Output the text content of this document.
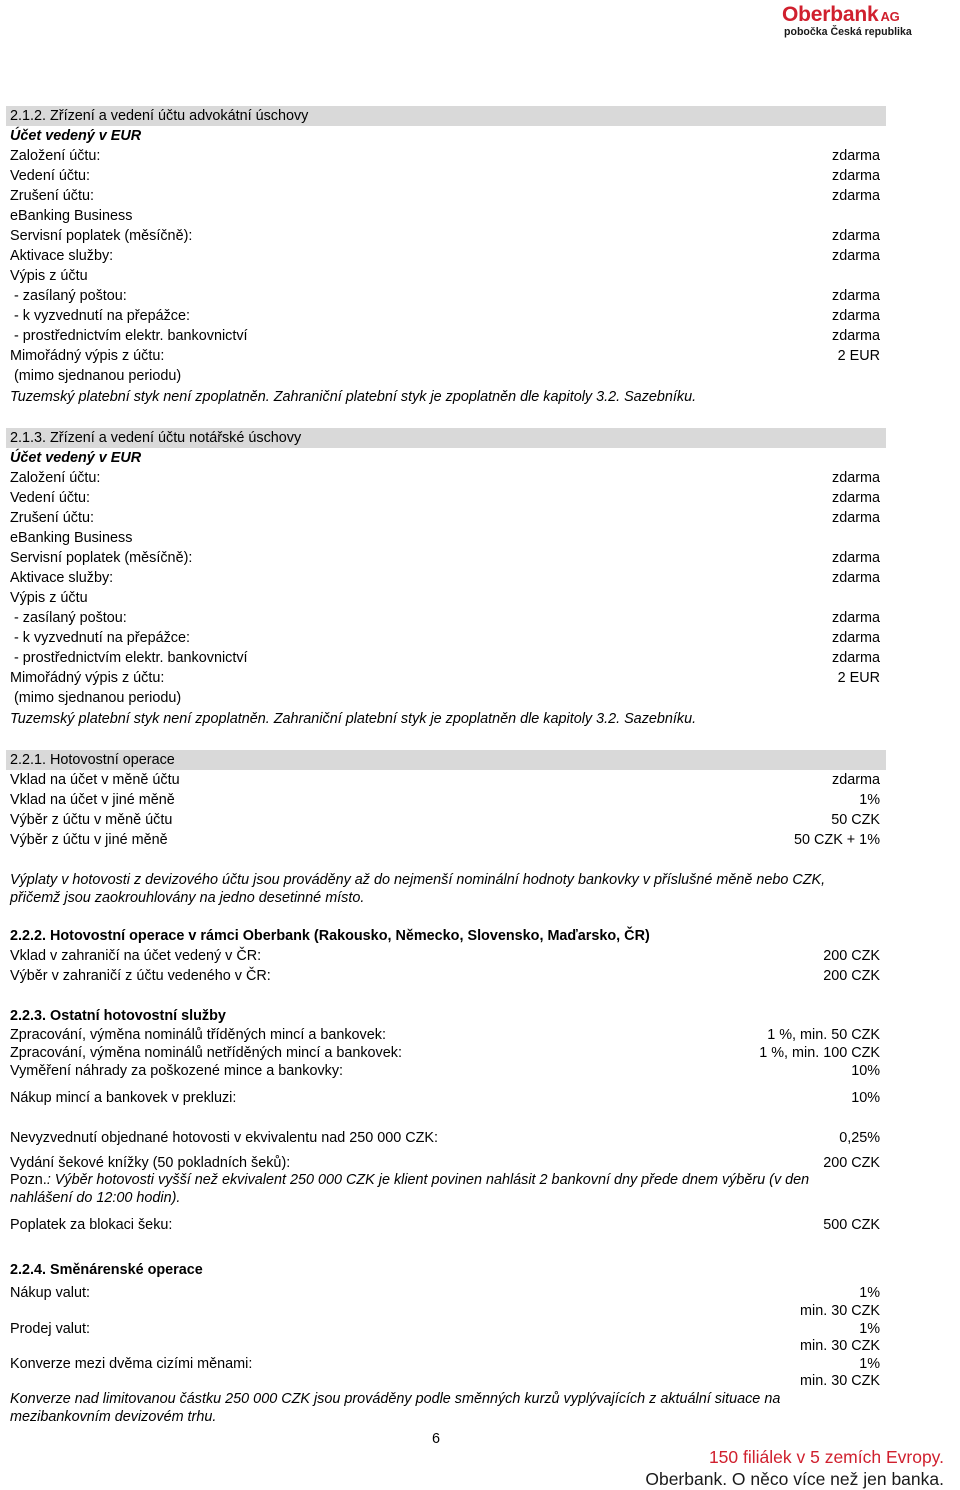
Oberbank AG
pobočka Česká republika
2.1.2. Zřízení a vedení účtu advokátní úschovy
Účet vedený v EUR
Založení účtu:	zdarma
Vedení účtu:	zdarma
Zrušení účtu:	zdarma
eBanking Business
Servisní poplatek (měsíčně):	zdarma
Aktivace služby:	zdarma
Výpis z účtu
- zasílaný poštou:	zdarma
- k vyzvednutí na přepážce:	zdarma
- prostřednictvím elektr. bankovnictví	zdarma
Mimořádný výpis z účtu:	2 EUR
(mimo sjednanou periodu)
Tuzemský platební styk není zpoplatněn. Zahraniční platební styk je zpoplatněn dle kapitoly 3.2. Sazebníku.
2.1.3. Zřízení a vedení účtu notářské úschovy
Účet vedený v EUR
Založení účtu:	zdarma
Vedení účtu:	zdarma
Zrušení účtu:	zdarma
eBanking Business
Servisní poplatek (měsíčně):	zdarma
Aktivace služby:	zdarma
Výpis z účtu
- zasílaný poštou:	zdarma
- k vyzvednutí na přepážce:	zdarma
- prostřednictvím elektr. bankovnictví	zdarma
Mimořádný výpis z účtu:	2 EUR
(mimo sjednanou periodu)
Tuzemský platební styk není zpoplatněn. Zahraniční platební styk je zpoplatněn dle kapitoly 3.2. Sazebníku.
2.2.1. Hotovostní operace
Vklad na účet v měně účtu	zdarma
Vklad na účet v jiné měně	1%
Výběr z účtu v měně účtu	50 CZK
Výběr z účtu v jiné měně	50 CZK + 1%
Výplaty v hotovosti z devizového účtu jsou prováděny až do nejmenší nominální hodnoty bankovky v příslušné měně nebo CZK,
přičemž jsou zaokrouhlovány na jedno desetinné místo.
2.2.2. Hotovostní operace v rámci Oberbank (Rakousko, Německo, Slovensko, Maďarsko, ČR)
Vklad v zahraničí na účet vedený v ČR:	200 CZK
Výběr v zahraničí z účtu vedeného v ČR:	200 CZK
2.2.3. Ostatní hotovostní služby
Zpracování, výměna nominálů tříděných mincí a bankovek:	1 %, min. 50 CZK
Zpracování, výměna nominálů netříděných mincí a bankovek:	1 %, min. 100 CZK
Vyměření náhrady za poškozené mince a bankovky:	10%
Nákup mincí a bankovek v prekluzi:	10%
Nevyzvednutí objednané hotovosti v ekvivalentu nad 250 000 CZK:	0,25%
Vydání šekové knížky (50 pokladních šeků):	200 CZK
Pozn.: Výběr hotovosti vyšší než ekvivalent 250 000 CZK je klient povinen nahlásit 2 bankovní dny přede dnem výběru (v den
nahlášení do 12:00 hodin).
Poplatek za blokaci šeku:	500 CZK
2.2.4. Směnárenské operace
Nákup valut:	1%
min. 30 CZK
Prodej valut:	1%
min. 30 CZK
Konverze mezi dvěma cizími měnami:	1%
min. 30 CZK
Konverze nad limitovanou částku 250 000 CZK jsou prováděny podle směnných kurzů vyplývajících z aktuální situace na
mezibankovním devizovém trhu.
6
150 filiálek v 5 zemích Evropy.
Oberbank. O něco více než jen banka.
